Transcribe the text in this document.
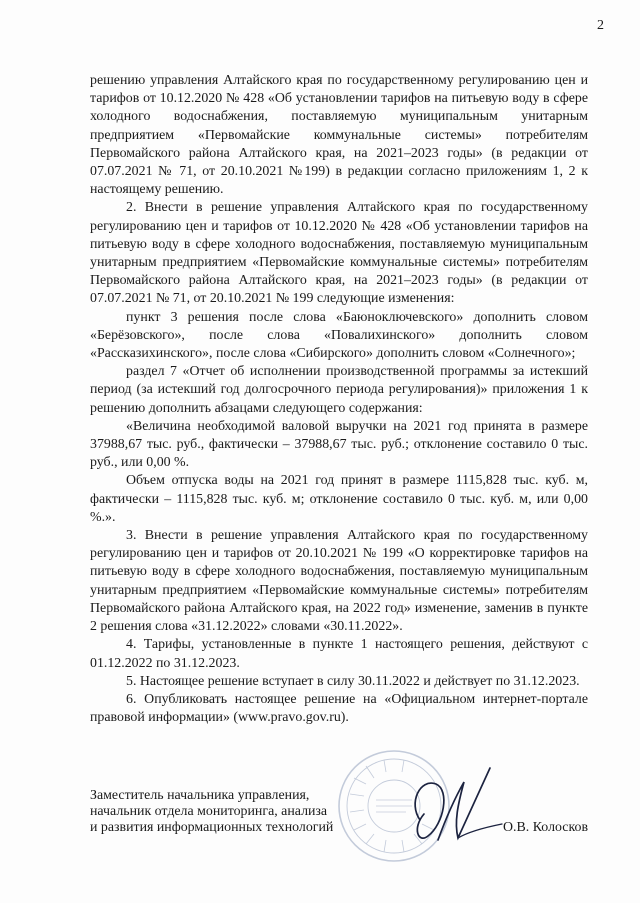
2

решению управления Алтайского края по государственному регулированию цен и тарифов от 10.12.2020 № 428 «Об установлении тарифов на питьевую воду в сфере холодного водоснабжения, поставляемую муниципальным унитарным предприятием «Первомайские коммунальные системы» потребителям Первомайского района Алтайского края, на 2021–2023 годы» (в редакции от 07.07.2021 № 71, от 20.10.2021 №199) в редакции согласно приложениям 1, 2 к настоящему решению.

2. Внести в решение управления Алтайского края по государственному регулированию цен и тарифов от 10.12.2020 № 428 «Об установлении тарифов на питьевую воду в сфере холодного водоснабжения, поставляемую муниципальным унитарным предприятием «Первомайские коммунальные системы» потребителям Первомайского района Алтайского края, на 2021–2023 годы» (в редакции от 07.07.2021 № 71, от 20.10.2021 № 199 следующие изменения:

пункт 3 решения после слова «Баюноключевского» дополнить словом «Берёзовского», после слова «Повалихинского» дополнить словом «Рассказихинского», после слова «Сибирского» дополнить словом «Солнечного»;

раздел 7 «Отчет об исполнении производственной программы за истекший период (за истекший год долгосрочного периода регулирования)» приложения 1 к решению дополнить абзацами следующего содержания:

«Величина необходимой валовой выручки на 2021 год принята в размере 37988,67 тыс. руб., фактически – 37988,67 тыс. руб.; отклонение составило 0 тыс. руб., или 0,00 %.

Объем отпуска воды на 2021 год принят в размере 1115,828 тыс. куб. м, фактически – 1115,828 тыс. куб. м; отклонение составило 0 тыс. куб. м, или 0,00 %.».

3. Внести в решение управления Алтайского края по государственному регулированию цен и тарифов от 20.10.2021 № 199 «О корректировке тарифов на питьевую воду в сфере холодного водоснабжения, поставляемую муниципальным унитарным предприятием «Первомайские коммунальные системы» потребителям Первомайского района Алтайского края, на 2022 год» изменение, заменив в пункте 2 решения слова «31.12.2022» словами «30.11.2022».

4. Тарифы, установленные в пункте 1 настоящего решения, действуют с 01.12.2022 по 31.12.2023.

5. Настоящее решение вступает в силу 30.11.2022 и действует по 31.12.2023.

6. Опубликовать настоящее решение на «Официальном интернет-портале правовой информации» (www.pravo.gov.ru).

Заместитель начальника управления,
начальник отдела мониторинга, анализа
и развития информационных технологий	О.В. Колосков
